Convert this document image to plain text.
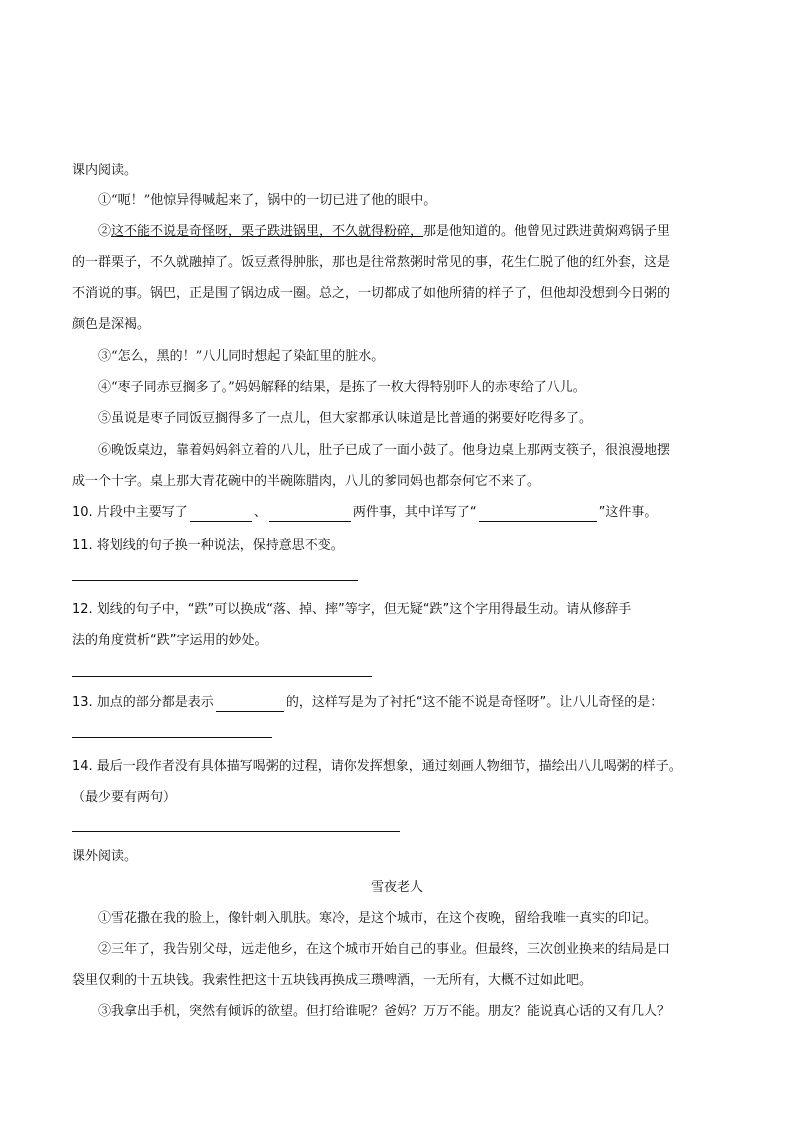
课内阅读。
①“呃！”他惊异得喊起来了，锅中的一切已进了他的眼中。
②这不能不说是奇怪呀，栗子跌进锅里，不久就得粉碎，那是他知道的。他曾见过跌进黄焖鸡锅子里
的一群栗子，不久就融掉了。饭豆煮得肿胀，那也是往常熬粥时常见的事，花生仁脱了他的红外套，这是
不消说的事。锅巴，正是围了锅边成一圈。总之，一切都成了如他所猜的样子了，但他却没想到今日粥的
颜色是深褐。
③“怎么，黑的！”八儿同时想起了染缸里的脏水。
④“枣子同赤豆搁多了。”妈妈解释的结果，是拣了一枚大得特别吓人的赤枣给了八儿。
⑤虽说是枣子同饭豆搁得多了一点儿，但大家都承认味道是比普通的粥要好吃得多了。
⑥晚饭桌边，靠着妈妈斜立着的八儿，肚子已成了一面小鼓了。他身边桌上那两支筷子，很浪漫地摆
成一个十字。桌上那大青花碗中的半碗陈腊肉，八儿的爹同妈也都奈何它不来了。
10. 片段中主要写了	、	两件事，其中详写了“	”这件事。
11. 将划线的句子换一种说法，保持意思不变。
12. 划线的句子中，“跌”可以换成“落、掉、摔”等字，但无疑“跌”这个字用得最生动。请从修辞手
法的角度赏析“跌”字运用的妙处。
13. 加点的部分都是表示	的，这样写是为了衬托“这不能不说是奇怪呀”。让八儿奇怪的是：
14. 最后一段作者没有具体描写喝粥的过程，请你发挥想象，通过刻画人物细节，描绘出八儿喝粥的样子。
（最少要有两句）
课外阅读。
雪夜老人
①雪花撒在我的脸上，像针刺入肌肤。寒冷，是这个城市，在这个夜晚，留给我唯一真实的印记。
②三年了，我告别父母，远走他乡，在这个城市开始自己的事业。但最终，三次创业换来的结局是口
袋里仅剩的十五块钱。我索性把这十五块钱再换成三瓒啤酒，一无所有，大概不过如此吧。
③我拿出手机，突然有倾诉的欲望。但打给谁呢？爸妈？万万不能。朋友？能说真心话的又有几人？
